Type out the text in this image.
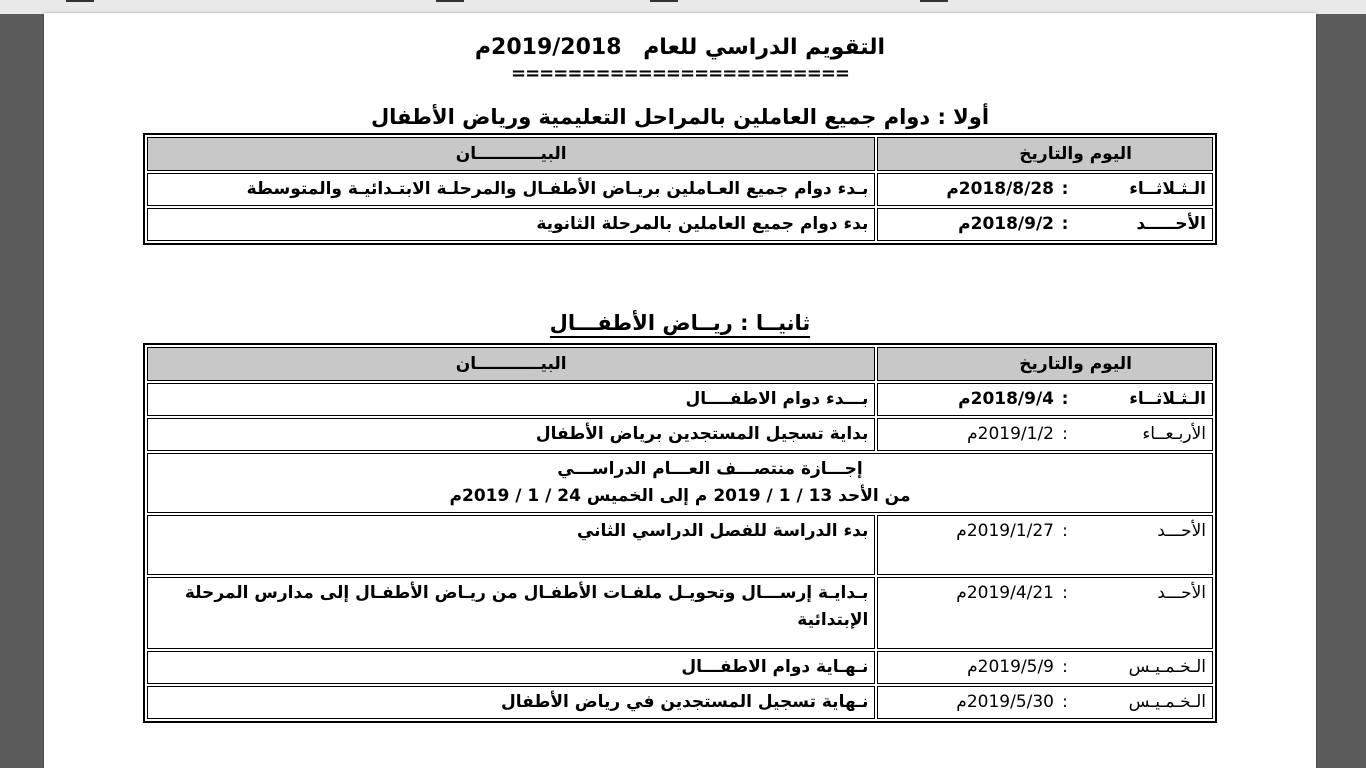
التقويم الدراسي للعام 2019/2018م
========================
أولا : دوام جميع العاملين بالمراحل التعليمية ورياض الأطفال
اليوم والتاريخ	البيـــــــــــان
الـثـلاثــاء:2018/8/28م	بـدء دوام جميع العـاملين بريـاض الأطفـال والمرحلـة الابتـدائيـة والمتوسطة
الأحـــــد:2018/9/2م	بدء دوام جميع العاملين بالمرحلة الثانوية
ثانيــا : ريــاض الأطفـــال
اليوم والتاريخ	البيـــــــــــان
الـثـلاثــاء:2018/9/4م	بـــدء دوام الاطفــــال
الأربـعــاء:2019/1/2م	بداية تسجيل المستجدين برياض الأطفال

إجـــازة منتصـــف العـــام الدراســـي
من الأحد 13 / 1 / 2019 م إلى الخميس 24 / 1 / 2019م	

الأحـــد:2019/1/27م	بدء الدراسة للفصل الدراسي الثاني
الأحـــد:2019/4/21م	بـدايـة إرســـال وتحويـل ملفـات الأطفـال من ريـاض الأطفـال إلى مدارس المرحلة الإبتدائية
الـخـمـيـس:2019/5/9م	نـهـاية دوام الاطفـــال
الـخـمـيـس:2019/5/30م	نـهاية تسجيل المستجدين في رياض الأطفال
